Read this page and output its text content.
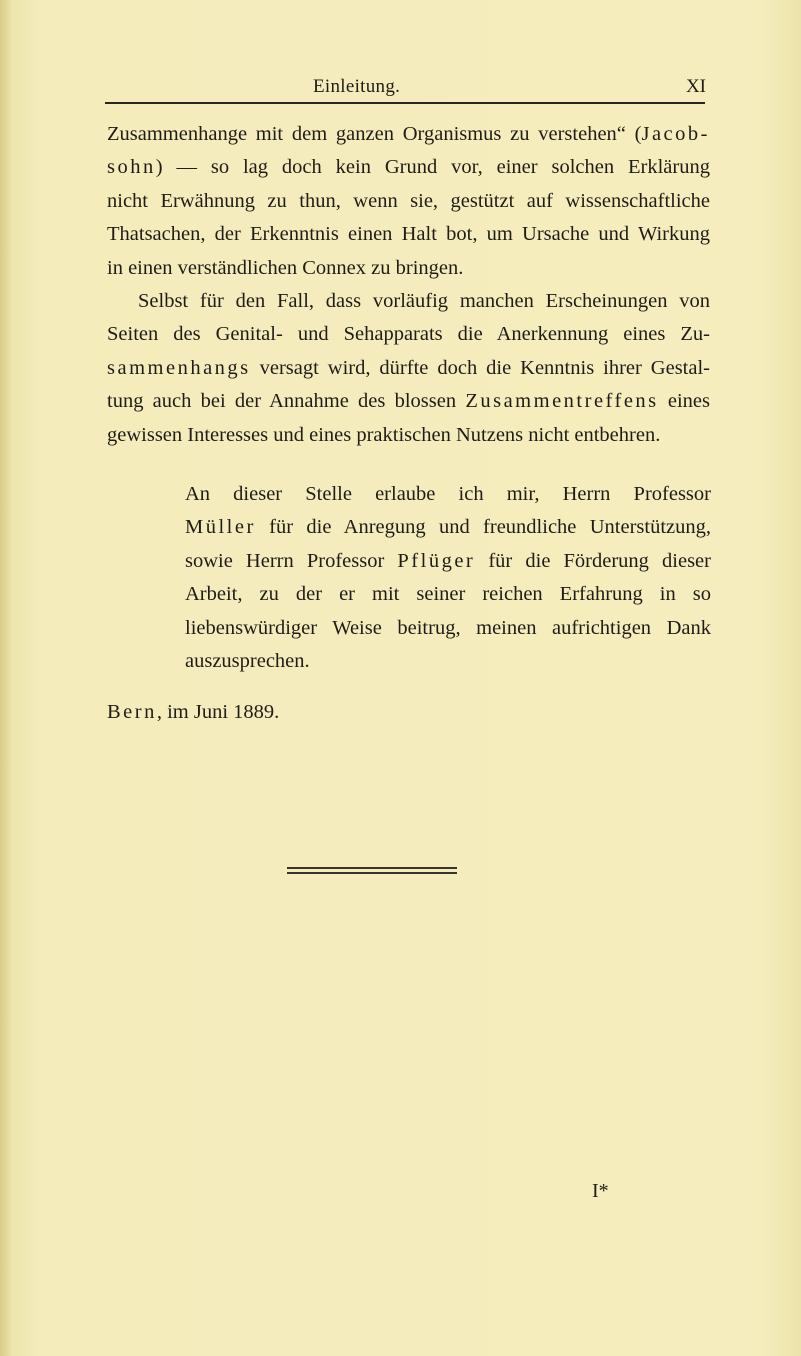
Einleitung.	XI

Zusammenhange mit dem ganzen Organismus zu verstehen“ (Jacob-

sohn) — so lag doch kein Grund vor, einer solchen Erklärung

nicht Erwähnung zu thun, wenn sie, gestützt auf wissenschaftliche

Thatsachen, der Erkenntnis einen Halt bot, um Ursache und Wirkung

in einen verständlichen Connex zu bringen.

Selbst für den Fall, dass vorläufig manchen Erscheinungen von

Seiten des Genital- und Sehapparats die Anerkennung eines Zu-

sammenhangs versagt wird, dürfte doch die Kenntnis ihrer Gestal-

tung auch bei der Annahme des blossen Zusammentreffens eines

gewissen Interesses und eines praktischen Nutzens nicht entbehren.

An dieser Stelle erlaube ich mir, Herrn Professor

Müller für die Anregung und freundliche Unterstützung,

sowie Herrn Professor Pflüger für die Förderung dieser

Arbeit, zu der er mit seiner reichen Erfahrung in so

liebenswürdiger Weise beitrug, meinen aufrichtigen Dank

auszusprechen.

Bern, im Juni 1889.
I*
